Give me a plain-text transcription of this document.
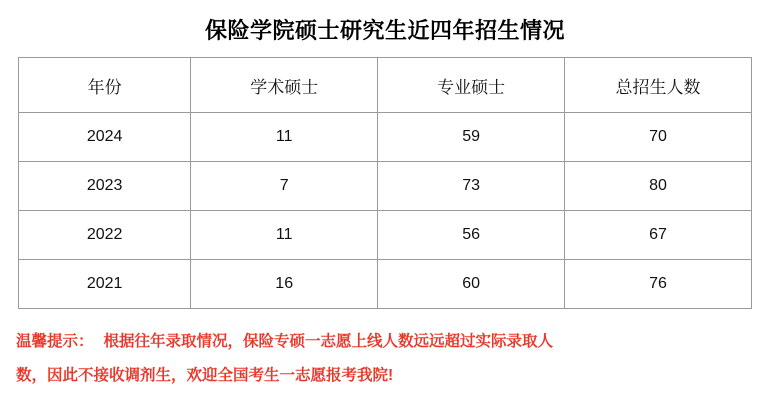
保险学院硕士研究生近四年招生情况
年份	学术硕士	专业硕士	总招生人数
2024	11	59	70
2023	7	73	80
2022	11	56	67
2021	16	60	76
温馨提示： 根据往年录取情况，保险专硕一志愿上线人数远远超过实际录取人
数，因此不接收调剂生，欢迎全国考生一志愿报考我院!
